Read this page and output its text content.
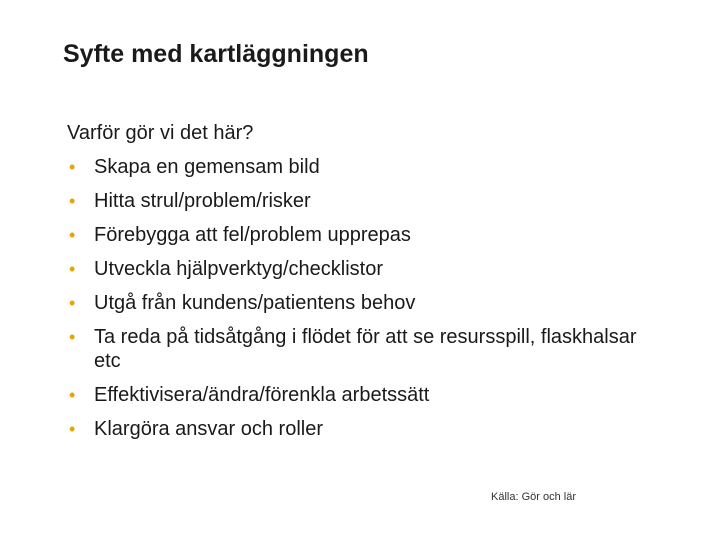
Syfte med kartläggningen
Varför gör vi det här?
• Skapa en gemensam bild
• Hitta strul/problem/risker
• Förebygga att fel/problem upprepas
• Utveckla hjälpverktyg/checklistor
• Utgå från kundens/patientens behov
• Ta reda på tidsåtgång i flödet för att se resursspill, flaskhalsar etc
• Effektivisera/ändra/förenkla arbetssätt
• Klargöra ansvar och roller
Källa: Gör och lär
